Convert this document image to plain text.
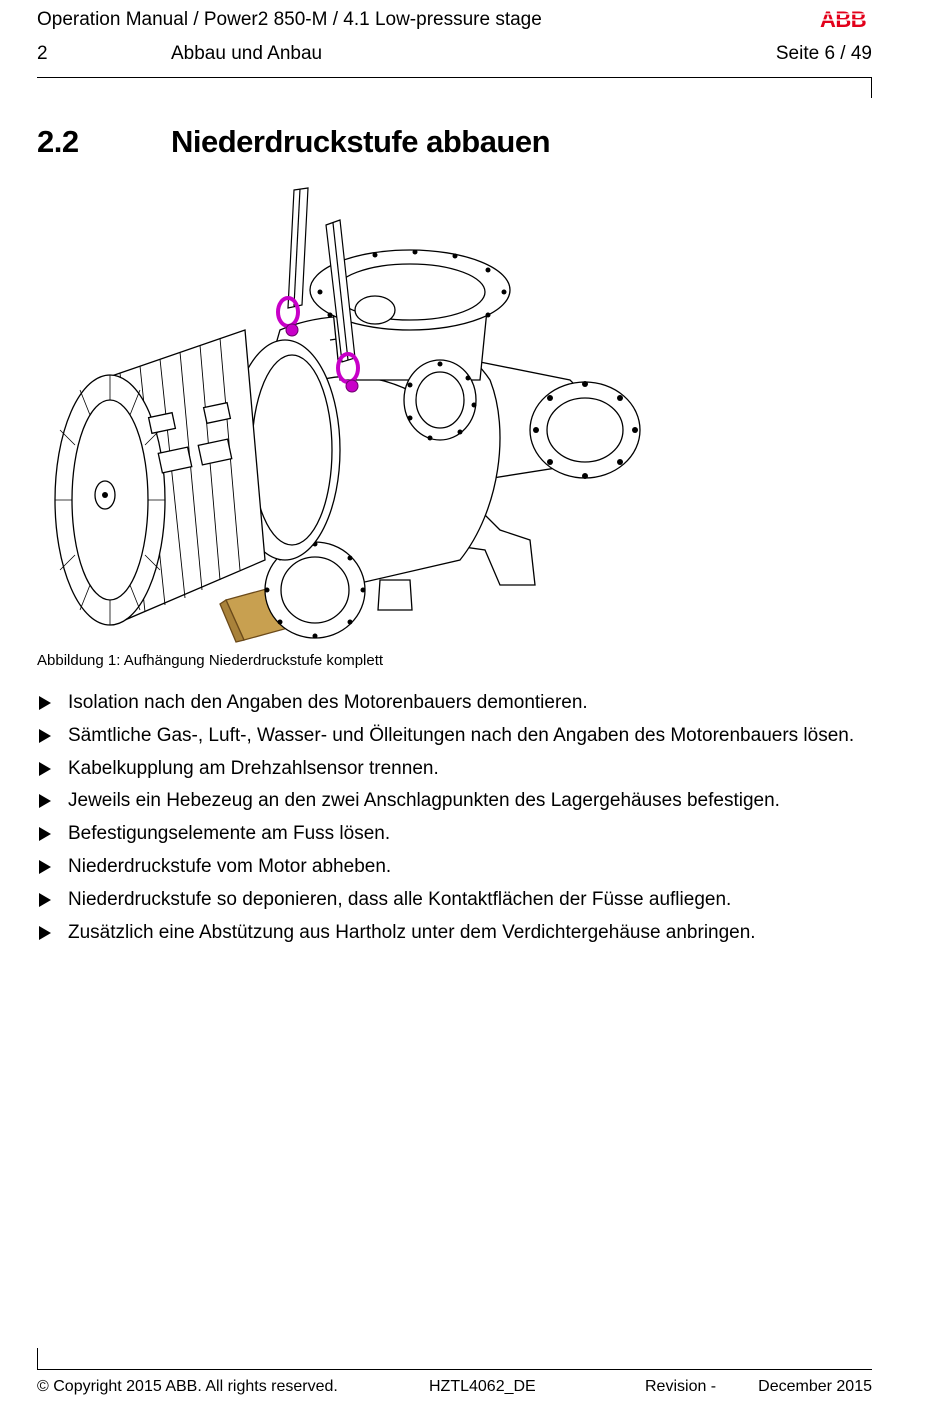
Operation Manual / Power2 850-M / 4.1 Low-pressure stage	ABB
2	Abbau und Anbau	Seite 6 / 49
2.2	Niederdruckstufe abbauen
Abbildung 1: Aufhängung Niederdruckstufe komplett
Isolation nach den Angaben des Motorenbauers demontieren.
Sämtliche Gas-, Luft-, Wasser- und Ölleitungen nach den Angaben des Motorenbauers lösen.
Kabelkupplung am Drehzahlsensor trennen.
Jeweils ein Hebezeug an den zwei Anschlagpunkten des Lagergehäuses befestigen.
Befestigungselemente am Fuss lösen.
Niederdruckstufe vom Motor abheben.
Niederdruckstufe so deponieren, dass alle Kontaktflächen der Füsse aufliegen.
Zusätzlich eine Abstützung aus Hartholz unter dem Verdichtergehäuse anbringen.
© Copyright 2015 ABB. All rights reserved.	HZTL4062_DE	Revision -	December 2015
